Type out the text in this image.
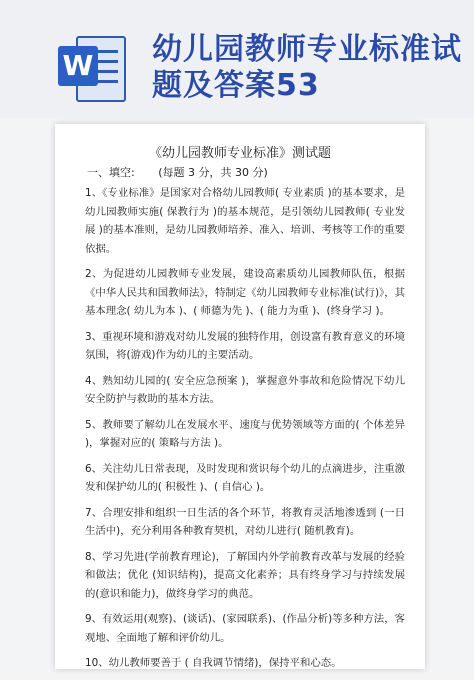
W 幼儿园教师专业标准试题及答案53
《幼儿园教师专业标准》测试题
一、填空: (每题 3 分，共 30 分)

1、《专业标准》是国家对合格幼儿园教师( 专业素质 )的基本要求，是幼儿园教师实施( 保教行为 )的基本规范，是引领幼儿园教师( 专业发展 )的基本准则，是幼儿园教师培养、准入、培训、考核等工作的重要依据。

2、为促进幼儿园教师专业发展，建设高素质幼儿园教师队伍，根据《中华人民共和国教师法》，特制定《幼儿园教师专业标准(试行)》，其基本理念( 幼儿为本 )、( 师德为先 )、( 能力为重 )、(终身学习 )。

3、重视环境和游戏对幼儿发展的独特作用，创设富有教育意义的环境氛围，将(游戏)作为幼儿的主要活动。

4、熟知幼儿园的( 安全应急预案 )，掌握意外事故和危险情况下幼儿安全防护与救助的基本方法。

5、教师要了解幼儿在发展水平、速度与优势领域等方面的( 个体差异 )，掌握对应的( 策略与方法 )。

6、关注幼儿日常表现，及时发现和赏识每个幼儿的点滴进步，注重激发和保护幼儿的( 积极性 )、( 自信心 )。

7、合理安排和组织一日生活的各个环节，将教育灵活地渗透到 (一日生活中)，充分利用各种教育契机，对幼儿进行( 随机教育)。

8、学习先进(学前教育理论)，了解国内外学前教育改革与发展的经验和做法；优化 (知识结构)，提高文化素养；具有终身学习与持续发展的(意识和能力)，做终身学习的典范。

9、有效运用(观察)、(谈话)、(家园联系)、(作品分析)等多种方法，客观地、全面地了解和评价幼儿。

10、幼儿教师要善于 ( 自我调节情绪)，保持平和心态。
